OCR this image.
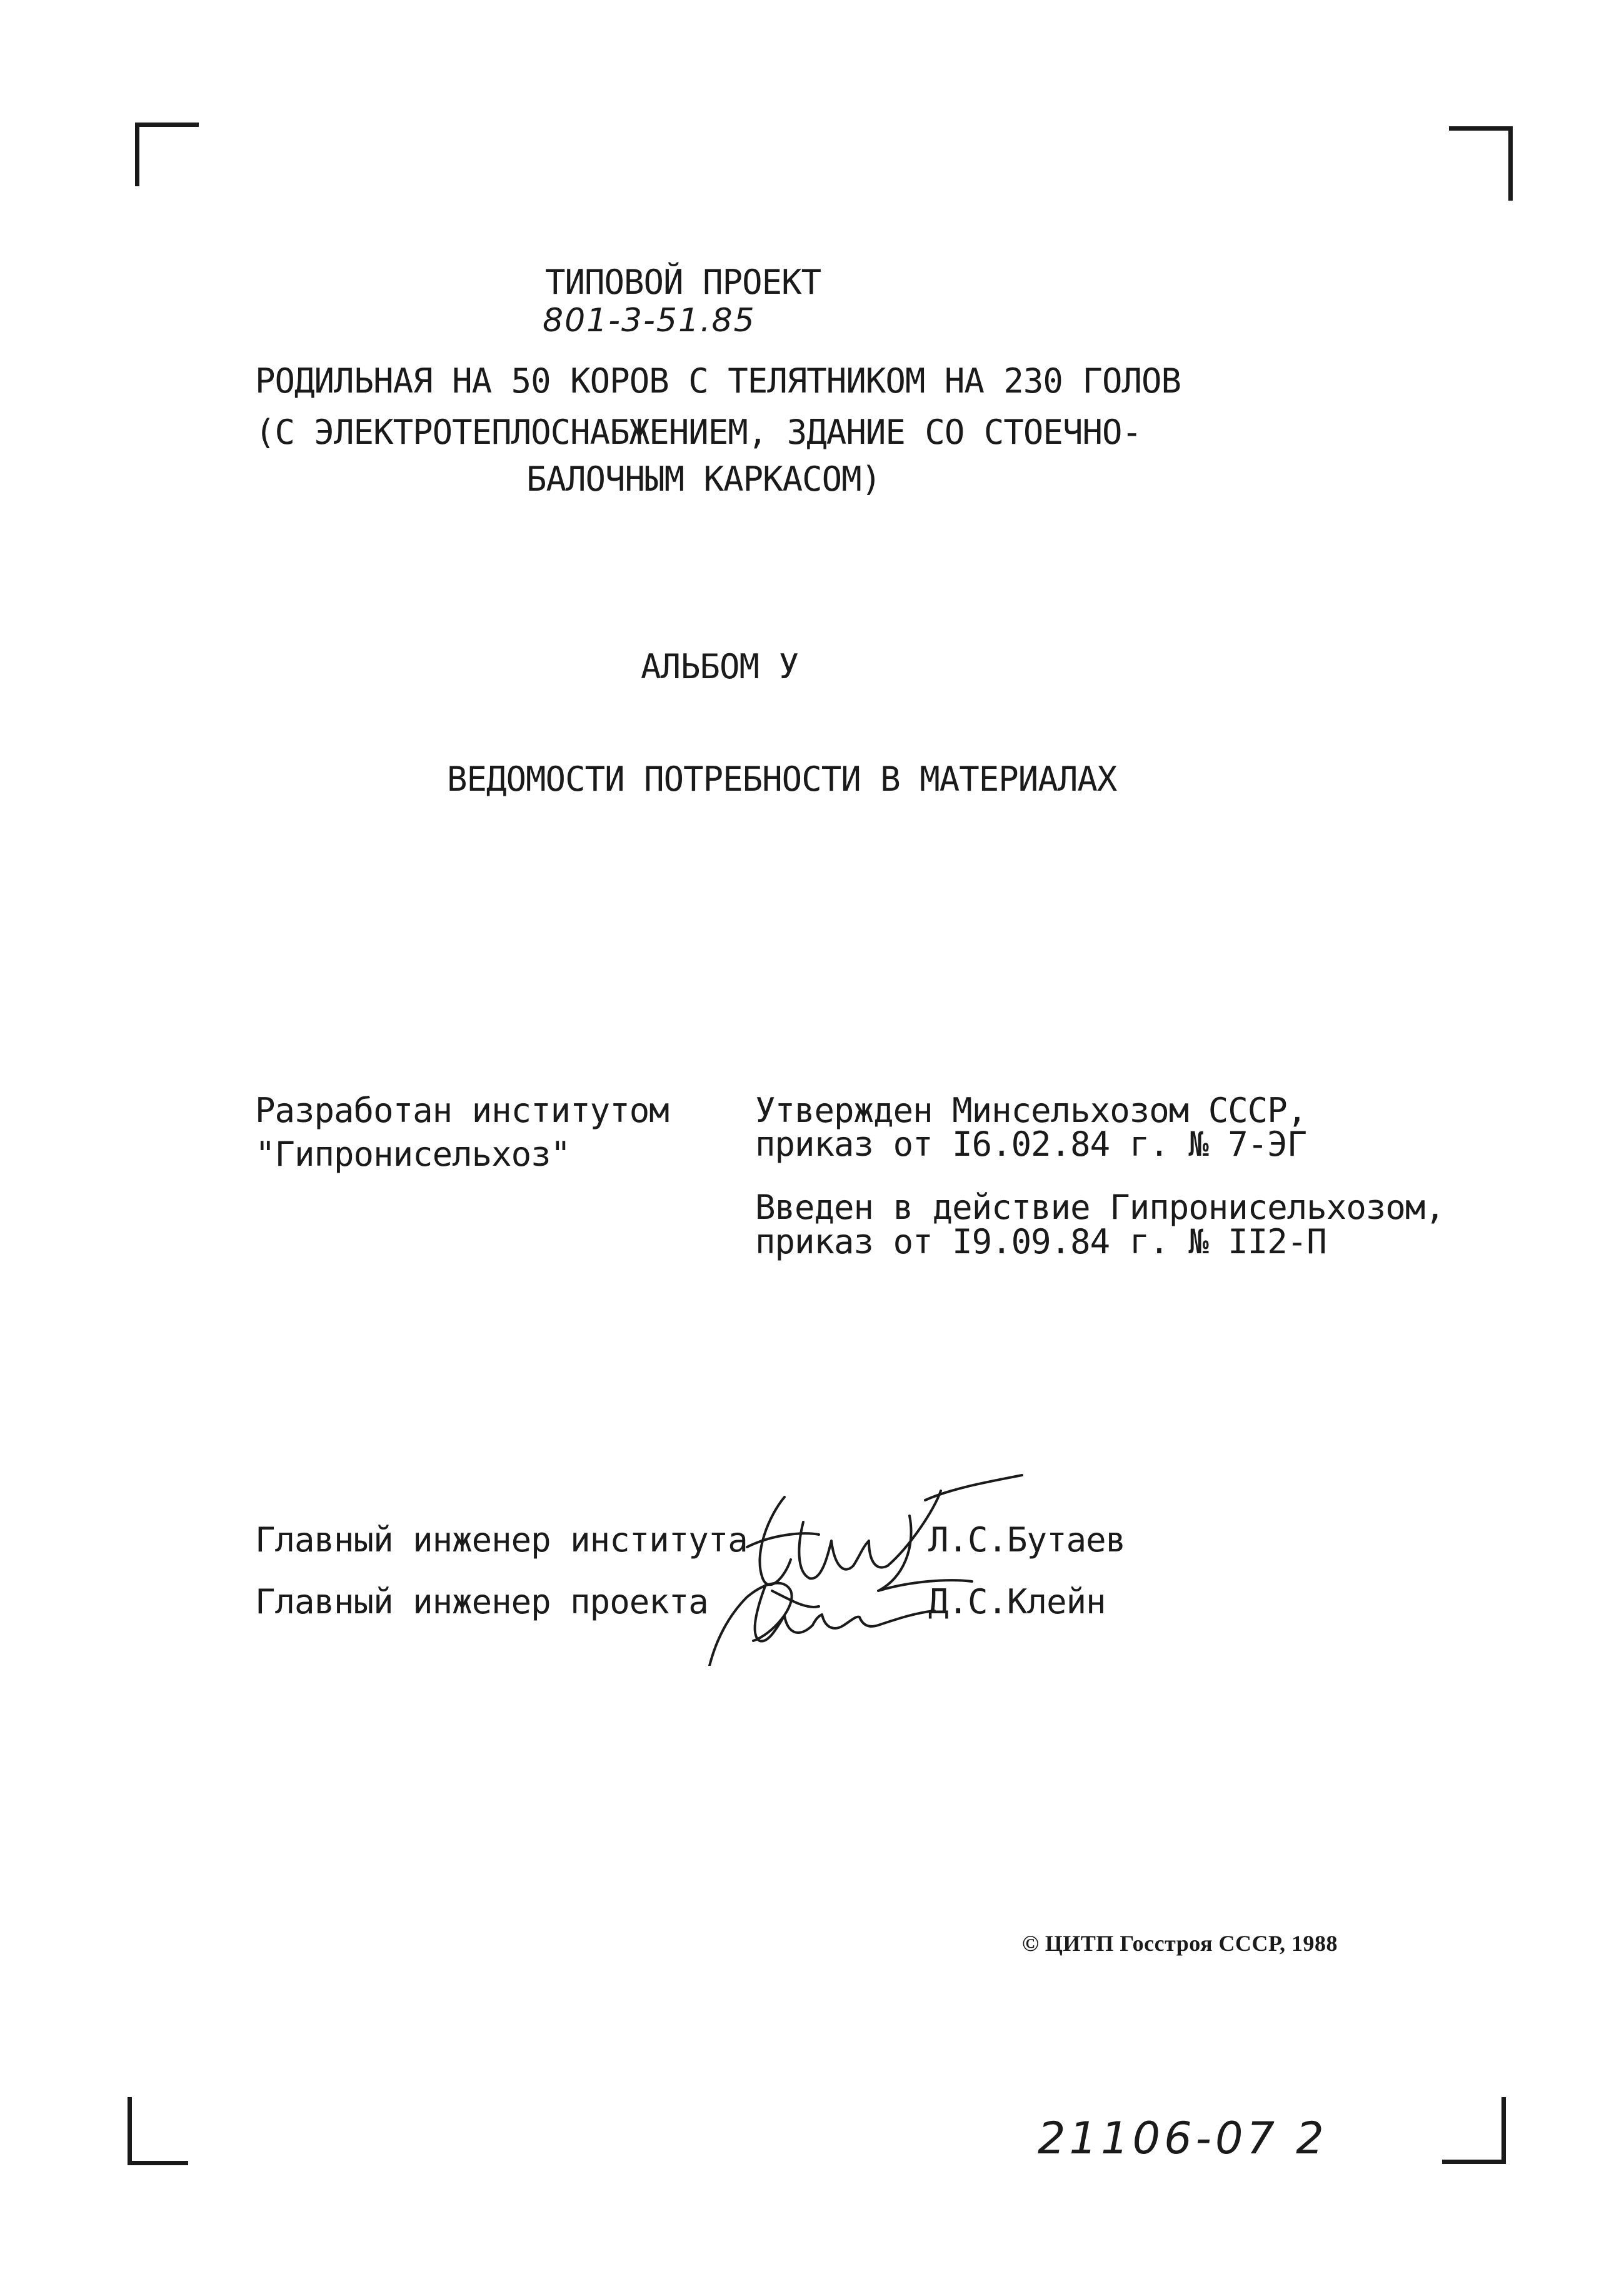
ТИПОВОЙ ПРОЕКТ
801-3-51.85
РОДИЛЬНАЯ НА 50 КОРОВ С ТЕЛЯТНИКОМ НА 230 ГОЛОВ
(С ЭЛЕКТРОТЕПЛОСНАБЖЕНИЕМ, ЗДАНИЕ СО СТОЕЧНО-
БАЛОЧНЫМ КАРКАСОМ)
АЛЬБОМ У
ВЕДОМОСТИ ПОТРЕБНОСТИ В МАТЕРИАЛАХ
Разработан институтом
"Гипронисельхоз"
Утвержден Минсельхозом СССР,
приказ от I6.02.84 г. № 7-ЭГ
Введен в действие Гипронисельхозом,
приказ от I9.09.84 г. № II2-П
Главный инженер института	Л.С.Бутаев
Главный инженер проекта	Д.С.Клейн
© ЦИТП Госстроя СССР, 1988
21106-07 2
